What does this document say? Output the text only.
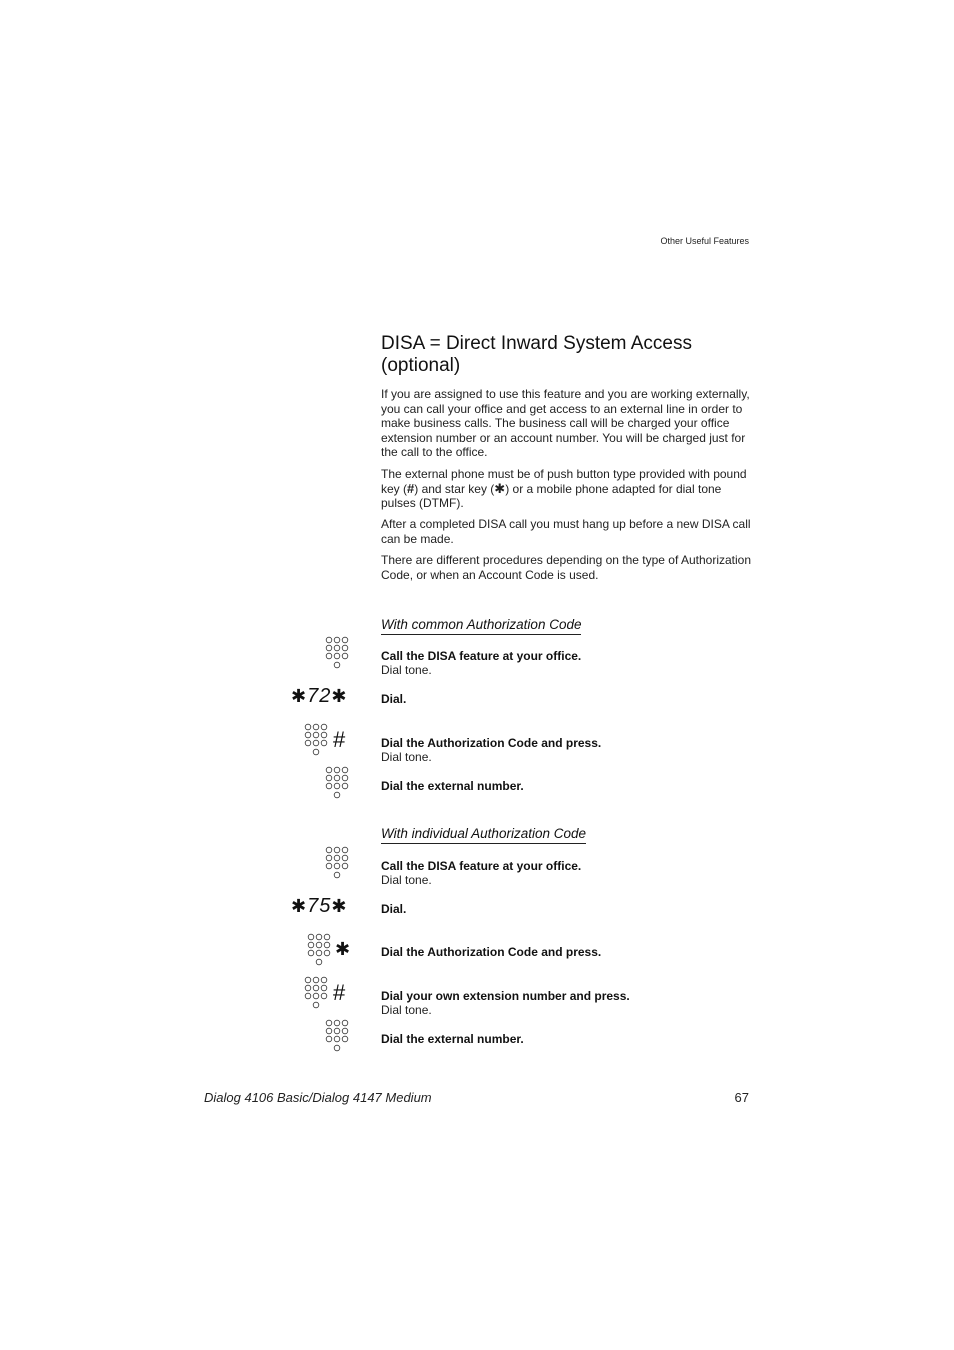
Other Useful Features
DISA = Direct Inward System Access (optional)

If you are assigned to use this feature and you are working externally, you can call your office and get access to an external line in order to make business calls. The business call will be charged your office extension number or an account number. You will be charged just for the call to the office.

The external phone must be of push button type provided with pound key (#) and star key (✱) or a mobile phone adapted for dial tone pulses (DTMF).

After a completed DISA call you must hang up before a new DISA call can be made.

There are different procedures depending on the type of Authorization Code, or when an Account Code is used.

With common Authorization Code
Call the DISA feature at your office.
Dial tone.
✱72✱	Dial.
#	Dial the Authorization Code and press.
Dial tone.
Dial the external number.
With individual Authorization Code
Call the DISA feature at your office.
Dial tone.
✱75✱	Dial.
✱	Dial the Authorization Code and press.
#	Dial your own extension number and press.
Dial tone.
Dial the external number.
Dialog 4106 Basic/Dialog 4147 Medium	67
